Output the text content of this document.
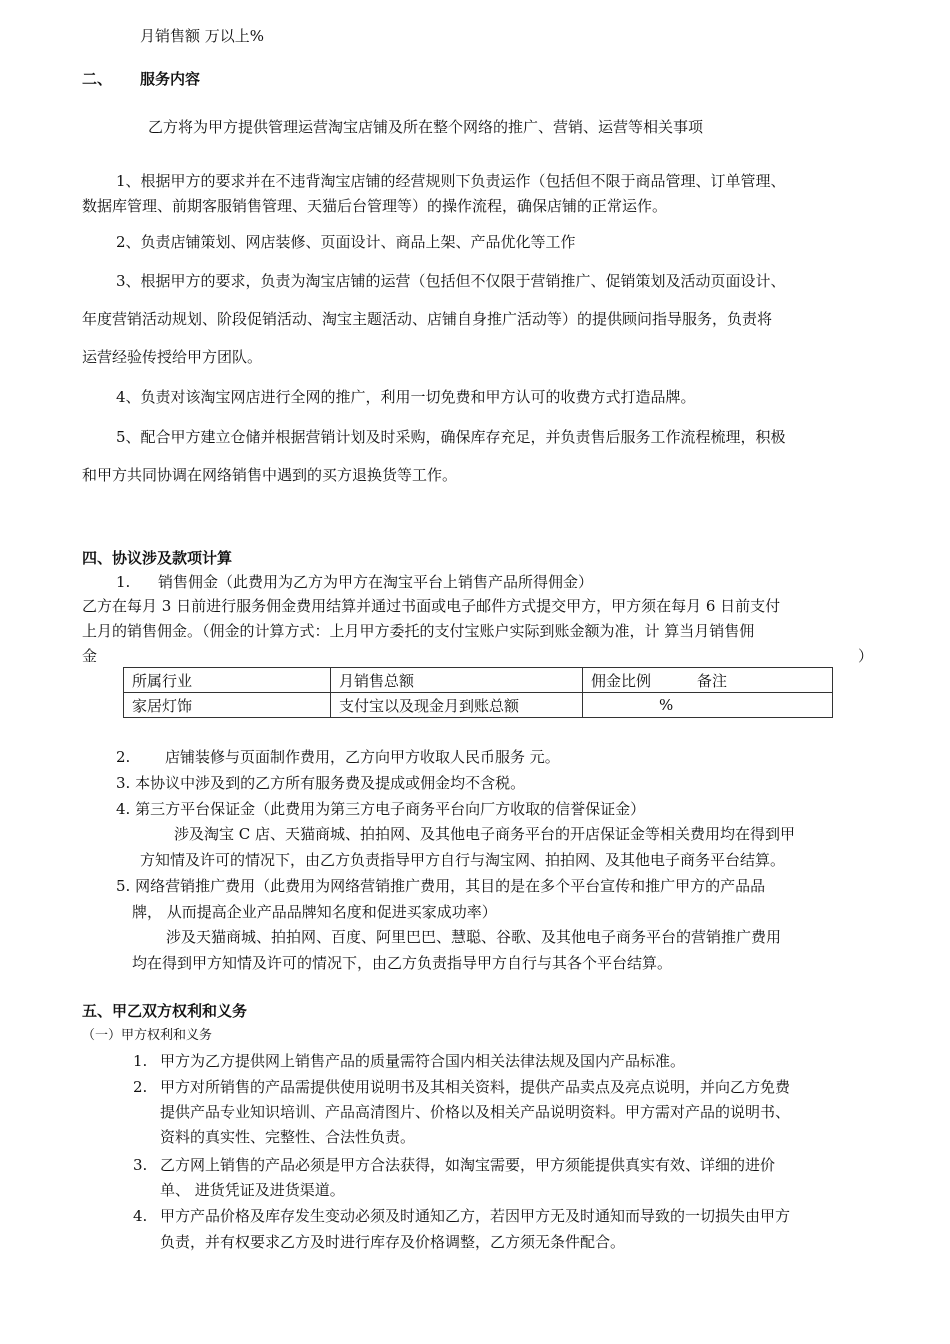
月销售额 万以上%
二、 服务内容
乙方将为甲方提供管理运营淘宝店铺及所在整个网络的推广、营销、运营等相关事项
1、根据甲方的要求并在不违背淘宝店铺的经营规则下负责运作（包括但不限于商品管理、订单管理、
数据库管理、前期客服销售管理、天猫后台管理等）的操作流程，确保店铺的正常运作。
2、负责店铺策划、网店装修、页面设计、商品上架、产品优化等工作
3、根据甲方的要求，负责为淘宝店铺的运营（包括但不仅限于营销推广、促销策划及活动页面设计、
年度营销活动规划、阶段促销活动、淘宝主题活动、店铺自身推广活动等）的提供顾问指导服务，负责将
运营经验传授给甲方团队。
4、负责对该淘宝网店进行全网的推广，利用一切免费和甲方认可的收费方式打造品牌。
5、配合甲方建立仓储并根据营销计划及时采购，确保库存充足，并负责售后服务工作流程梳理，积极
和甲方共同协调在网络销售中遇到的买方退换货等工作。
四、协议涉及款项计算
1. 销售佣金（此费用为乙方为甲方在淘宝平台上销售产品所得佣金）
乙方在每月 3 日前进行服务佣金费用结算并通过书面或电子邮件方式提交甲方，甲方须在每月 6 日前支付
上月的销售佣金。（佣金的计算方式：上月甲方委托的支付宝账户实际到账金额为准，计 算当月销售佣
金	）
所属行业	月销售总额	佣金比例 备注
家居灯饰	支付宝以及现金月到账总额	%
2. 店铺装修与页面制作费用，乙方向甲方收取人民币服务 元。
3. 本协议中涉及到的乙方所有服务费及提成或佣金均不含税。
4. 第三方平台保证金（此费用为第三方电子商务平台向厂方收取的信誉保证金）
涉及淘宝 C 店、天猫商城、拍拍网、及其他电子商务平台的开店保证金等相关费用均在得到甲
方知情及许可的情况下，由乙方负责指导甲方自行与淘宝网、拍拍网、及其他电子商务平台结算。
5. 网络营销推广费用（此费用为网络营销推广费用，其目的是在多个平台宣传和推广甲方的产品品
牌， 从而提高企业产品品牌知名度和促进买家成功率）
涉及天猫商城、拍拍网、百度、阿里巴巴、慧聪、谷歌、及其他电子商务平台的营销推广费用
均在得到甲方知情及许可的情况下，由乙方负责指导甲方自行与其各个平台结算。
五、甲乙双方权利和义务
（一）甲方权利和义务
1. 甲方为乙方提供网上销售产品的质量需符合国内相关法律法规及国内产品标准。
2. 甲方对所销售的产品需提供使用说明书及其相关资料，提供产品卖点及亮点说明，并向乙方免费
提供产品专业知识培训、产品高清图片、价格以及相关产品说明资料。甲方需对产品的说明书、
资料的真实性、完整性、合法性负责。
3. 乙方网上销售的产品必须是甲方合法获得，如淘宝需要，甲方须能提供真实有效、详细的进价
单、 进货凭证及进货渠道。
4. 甲方产品价格及库存发生变动必须及时通知乙方，若因甲方无及时通知而导致的一切损失由甲方
负责，并有权要求乙方及时进行库存及价格调整，乙方须无条件配合。
